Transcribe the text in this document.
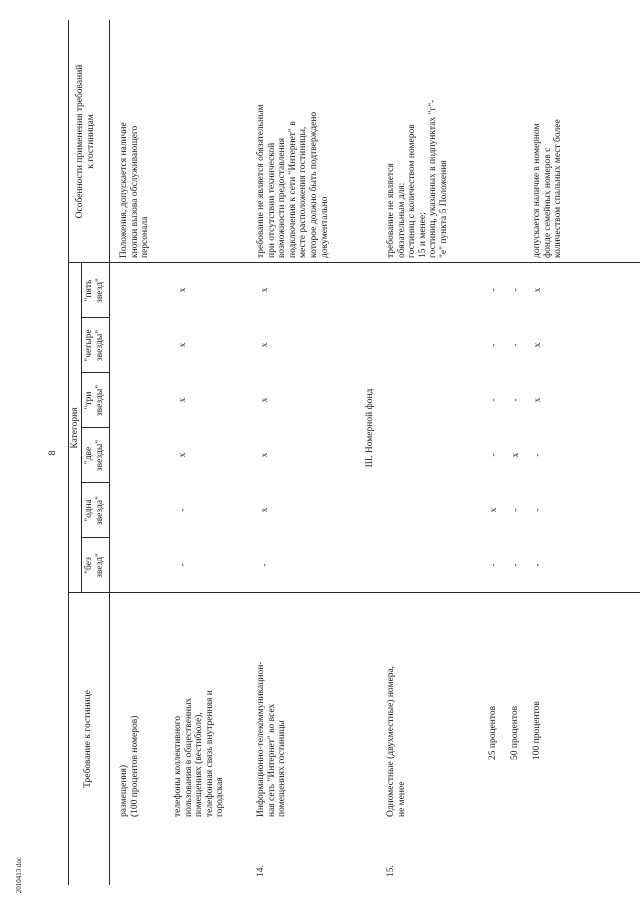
2010413.doc
8
Требование к гостинице
Категория
Особенности применения требований к гостиницам
"без звезд"
"одна звезда"
"две звезды"
"три звезды"
"четыре звезды"
"пять звезд"
размещения) (100 процентов номеров)
Положения, допускается наличие кнопки вызова обслуживающего персонала
телефоны коллективного пользования в общественных помещениях (вестибюле), телефонная связь внутренняя и городская
-
-
x
x
x
x
14.
Информационно-телекоммуникацион- ная сеть "Интернет" во всех помещениях гостиницы
-
x
x
x
x
x
требование не является обязательным при отсутствии технической возможности предоставления подключения к сети "Интернет" в месте расположения гостиницы, которое должно быть подтверждено документально
III. Номерной фонд
15.
Одноместные (двухместные) номера, не менее
требование не является обязательным для: гостиниц с количеством номеров 15 и менее; гостиниц, указанных в подпунктах "г"- "е" пункта 5 Положения
25 процентов
-
x
-
-
-
-
50 процентов
-
-
x
-
-
-
100 процентов
-
-
-
x
x
x
допускается наличие в номерном фонде семейных номеров с количеством спальных мест более
